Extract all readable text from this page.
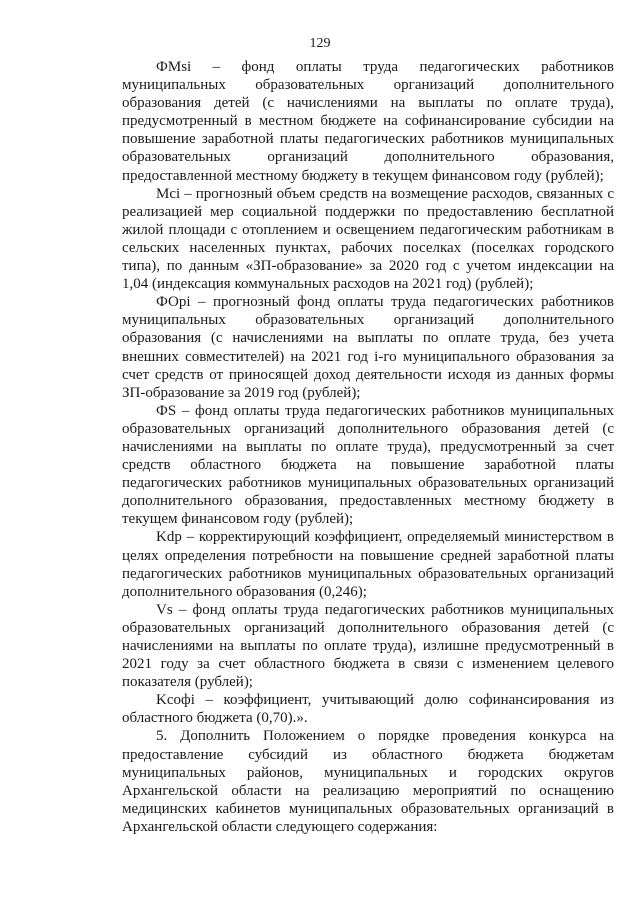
129

ФMsi – фонд оплаты труда педагогических работников муниципальных образовательных организаций дополнительного образования детей (с начислениями на выплаты по оплате труда), предусмотренный в местном бюджете на софинансирование субсидии на повышение заработной платы педагогических работников муниципальных образовательных организаций дополнительного образования, предоставленной местному бюджету в текущем финансовом году (рублей);

Mci – прогнозный объем средств на возмещение расходов, связанных с реализацией мер социальной поддержки по предоставлению бесплатной жилой площади с отоплением и освещением педагогическим работникам в сельских населенных пунктах, рабочих поселках (поселках городского типа), по данным «ЗП-образование» за 2020 год с учетом индексации на 1,04 (индексация коммунальных расходов на 2021 год) (рублей);

ФОрi – прогнозный фонд оплаты труда педагогических работников муниципальных образовательных организаций дополнительного образования (с начислениями на выплаты по оплате труда, без учета внешних совместителей) на 2021 год i-го муниципального образования за счет средств от приносящей доход деятельности исходя из данных формы ЗП-образование за 2019 год (рублей);

ФS – фонд оплаты труда педагогических работников муниципальных образовательных организаций дополнительного образования детей (с начислениями на выплаты по оплате труда), предусмотренный за счет средств областного бюджета на повышение заработной платы педагогических работников муниципальных образовательных организаций дополнительного образования, предоставленных местному бюджету в текущем финансовом году (рублей);

Kdp – корректирующий коэффициент, определяемый министерством в целях определения потребности на повышение средней заработной платы педагогических работников муниципальных образовательных организаций дополнительного образования (0,246);

Vs – фонд оплаты труда педагогических работников муниципальных образовательных организаций дополнительного образования детей (с начислениями на выплаты по оплате труда), излишне предусмотренный в 2021 году за счет областного бюджета в связи с изменением целевого показателя (рублей);

Kсофi – коэффициент, учитывающий долю софинансирования из областного бюджета (0,70).».

5. Дополнить Положением о порядке проведения конкурса на предоставление субсидий из областного бюджета бюджетам муниципальных районов, муниципальных и городских округов Архангельской области на реализацию мероприятий по оснащению медицинских кабинетов муниципальных образовательных организаций в Архангельской области следующего содержания:
